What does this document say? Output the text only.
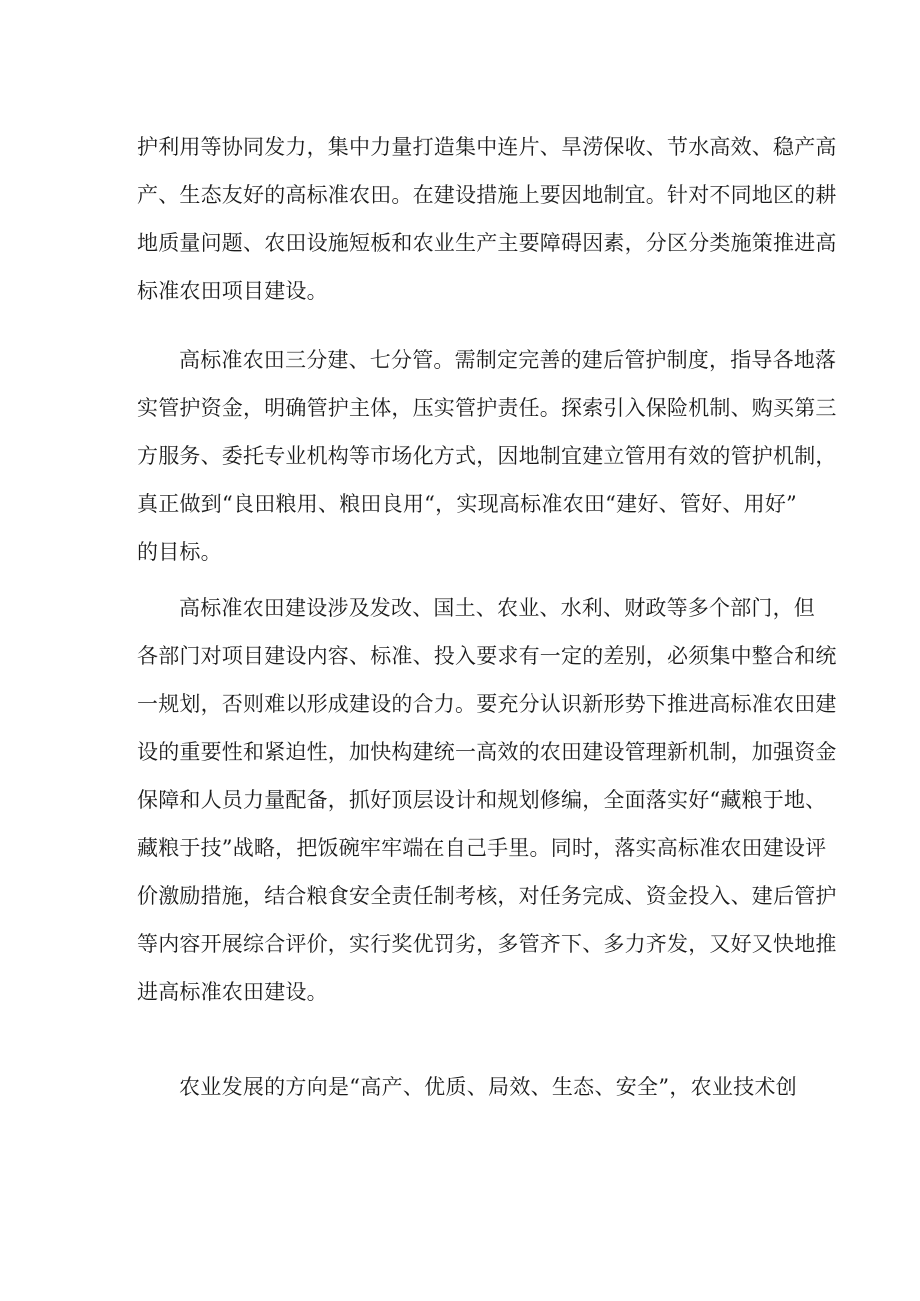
护利用等协同发力，集中力量打造集中连片、旱涝保收、节水高效、稳产高
产、生态友好的高标准农田。在建设措施上要因地制宜。针对不同地区的耕
地质量问题、农田设施短板和农业生产主要障碍因素，分区分类施策推进高
标准农田项目建设。
高标准农田三分建、七分管。需制定完善的建后管护制度，指导各地落
实管护资金，明确管护主体，压实管护责任。探索引入保险机制、购买第三
方服务、委托专业机构等市场化方式，因地制宜建立管用有效的管护机制，
真正做到“良田粮用、粮田良用“，实现高标准农田“建好、管好、用好”
的目标。
高标准农田建设涉及发改、国土、农业、水利、财政等多个部门，但
各部门对项目建设内容、标准、投入要求有一定的差别，必须集中整合和统
一规划，否则难以形成建设的合力。要充分认识新形势下推进高标准农田建
设的重要性和紧迫性，加快构建统一高效的农田建设管理新机制，加强资金
保障和人员力量配备，抓好顶层设计和规划修编，全面落实好“藏粮于地、
藏粮于技”战略，把饭碗牢牢端在自己手里。同时，落实高标准农田建设评
价激励措施，结合粮食安全责任制考核，对任务完成、资金投入、建后管护
等内容开展综合评价，实行奖优罚劣，多管齐下、多力齐发，又好又快地推
进高标准农田建设。
农业发展的方向是“高产、优质、局效、生态、安全”，农业技术创
